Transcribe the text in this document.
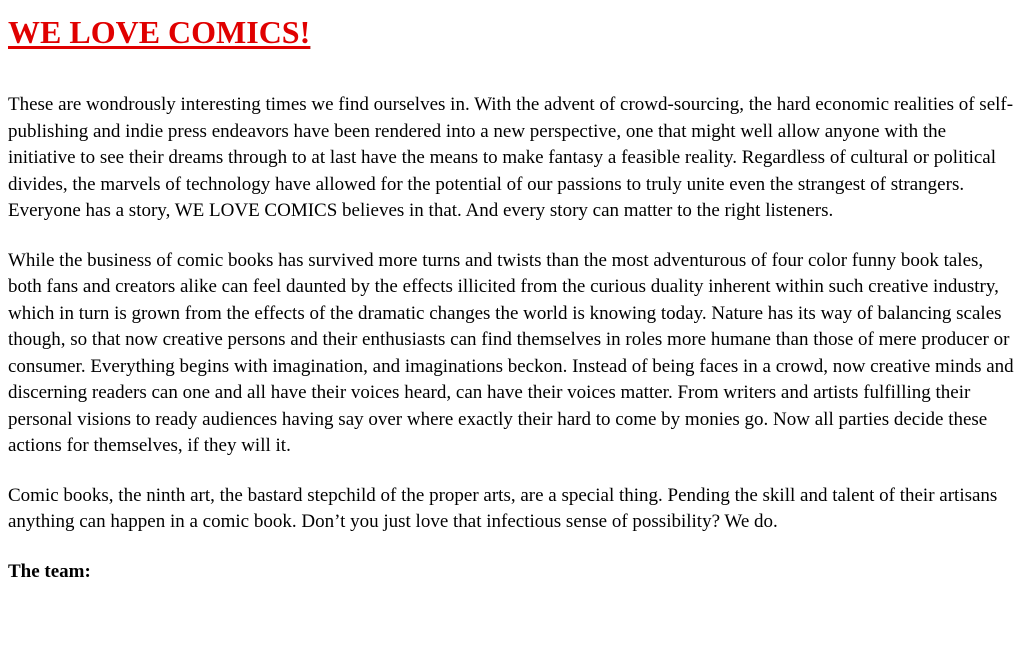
WE LOVE COMICS!

These are wondrously interesting times we find ourselves in. With the advent of crowd-sourcing, the hard economic realities of self-publishing and indie press endeavors have been rendered into a new perspective, one that might well allow anyone with the initiative to see their dreams through to at last have the means to make fantasy a feasible reality. Regardless of cultural or political divides, the marvels of technology have allowed for the potential of our passions to truly unite even the strangest of strangers. Everyone has a story, WE LOVE COMICS believes in that. And every story can matter to the right listeners.

While the business of comic books has survived more turns and twists than the most adventurous of four color funny book tales, both fans and creators alike can feel daunted by the effects illicited from the curious duality inherent within such creative industry, which in turn is grown from the effects of the dramatic changes the world is knowing today. Nature has its way of balancing scales though, so that now creative persons and their enthusiasts can find themselves in roles more humane than those of mere producer or consumer. Everything begins with imagination, and imaginations beckon. Instead of being faces in a crowd, now creative minds and discerning readers can one and all have their voices heard, can have their voices matter. From writers and artists fulfilling their personal visions to ready audiences having say over where exactly their hard to come by monies go. Now all parties decide these actions for themselves, if they will it.

Comic books, the ninth art, the bastard stepchild of the proper arts, are a special thing. Pending the skill and talent of their artisans anything can happen in a comic book. Don’t you just love that infectious sense of possibility? We do.

The team:
